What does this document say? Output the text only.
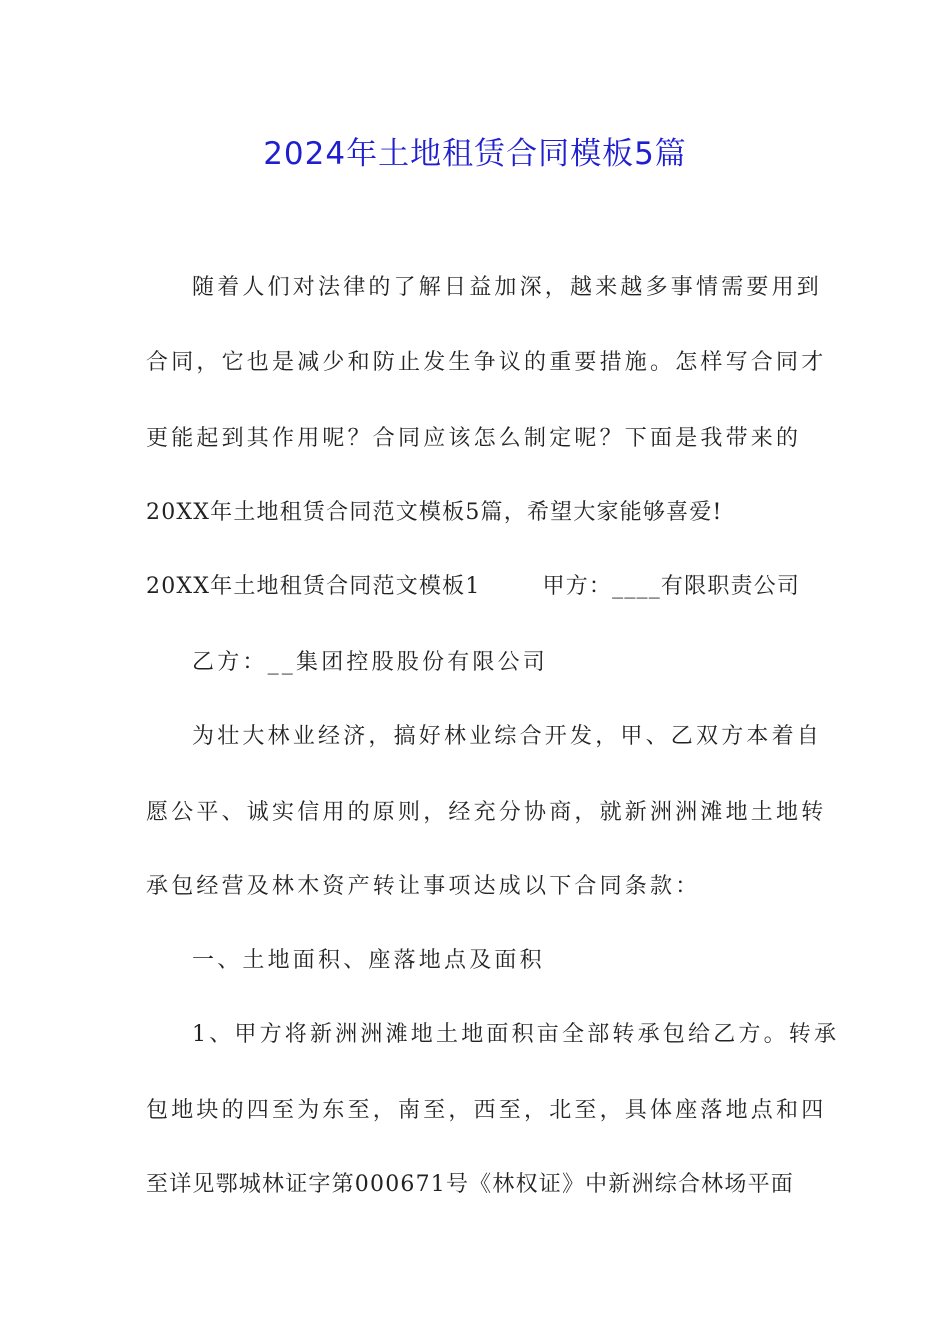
2024年土地租赁合同模板5篇
随着人们对法律的了解日益加深，越来越多事情需要用到
合同，它也是减少和防止发生争议的重要措施。怎样写合同才
更能起到其作用呢？合同应该怎么制定呢？下面是我带来的
20XX年土地租赁合同范文模板5篇，希望大家能够喜爱!
20XX年土地租赁合同范文模板1	甲方：____有限职责公司
乙方：__集团控股股份有限公司
为壮大林业经济，搞好林业综合开发，甲、乙双方本着自
愿公平、诚实信用的原则，经充分协商，就新洲洲滩地土地转
承包经营及林木资产转让事项达成以下合同条款：
一、土地面积、座落地点及面积
1、甲方将新洲洲滩地土地面积亩全部转承包给乙方。转承
包地块的四至为东至，南至，西至，北至，具体座落地点和四
至详见鄂城林证字第000671号《林权证》中新洲综合林场平面
